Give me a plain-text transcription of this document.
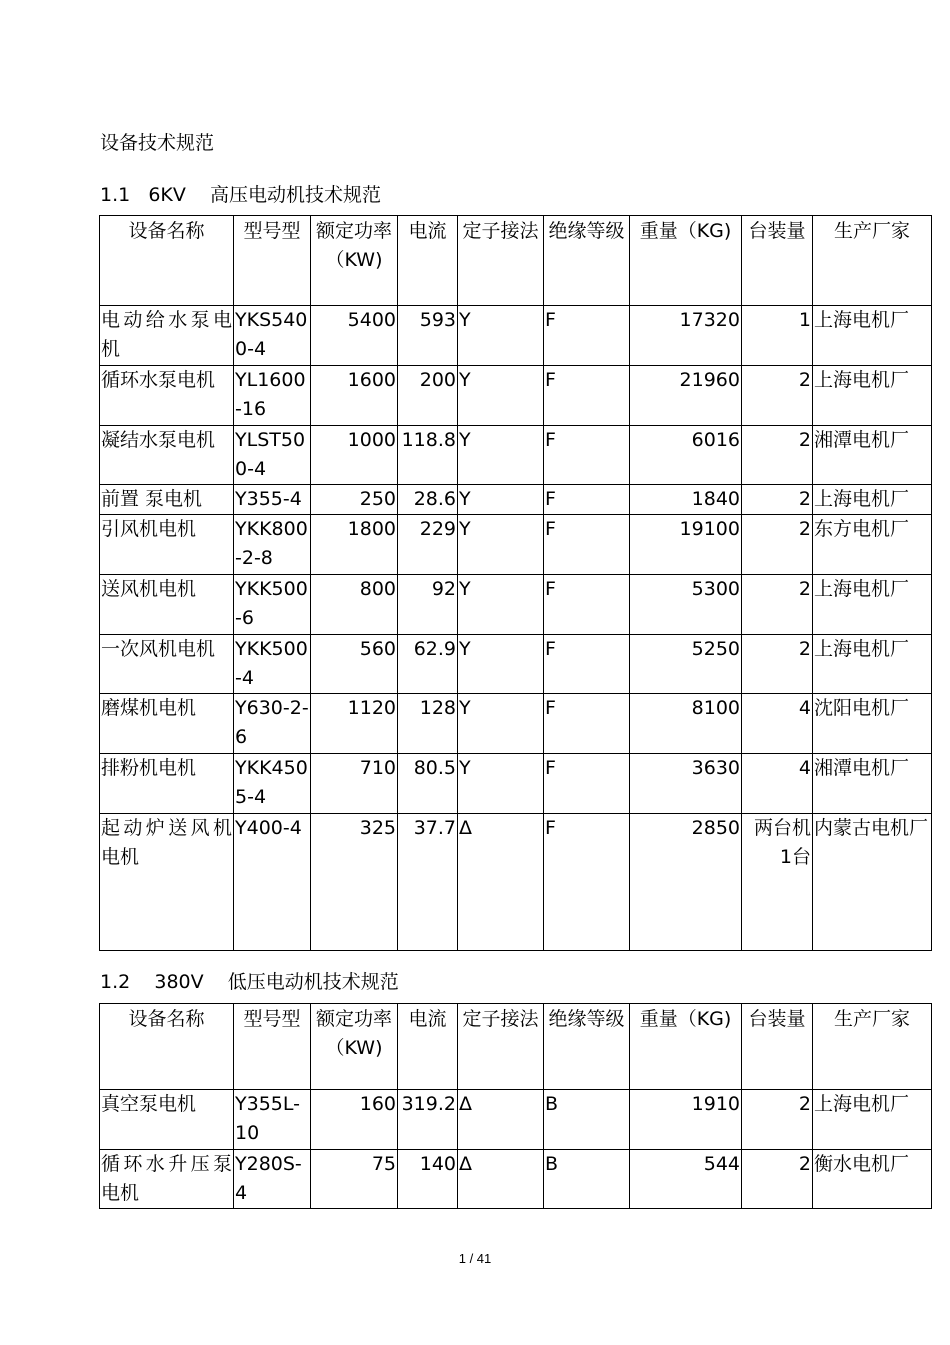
设备技术规范
1.1   6KV    高压电动机技术规范
设备名称	型号型	额定功率（KW)	电流	定子接法	绝缘等级	重量（KG)	台装量	生产厂家
电动给水泵电机	YKS5400-4	5400	593	Y	F	17320	1	上海电机厂
循环水泵电机	YL1600-16	1600	200	Y	F	21960	2	上海电机厂
凝结水泵电机	YLST500-4	1000	118.8	Y	F	6016	2	湘潭电机厂
前置 泵电机	Y355-4	250	28.6	Y	F	1840	2	上海电机厂
引风机电机	YKK800-2-8	1800	229	Y	F	19100	2	东方电机厂
送风机电机	YKK500-6	800	92	Y	F	5300	2	上海电机厂
一次风机电机	YKK500-4	560	62.9	Y	F	5250	2	上海电机厂
磨煤机电机	Y630-2-6	1120	128	Y	F	8100	4	沈阳电机厂
排粉机电机	YKK4505-4	710	80.5	Y	F	3630	4	湘潭电机厂
起动炉送风机电机	Y400-4	325	37.7	Δ	F	2850	两台机1台	内蒙古电机厂
1.2    380V    低压电动机技术规范
设备名称	型号型	额定功率（KW)	电流	定子接法	绝缘等级	重量（KG)	台装量	生产厂家
真空泵电机	Y355L-10	160	319.2	Δ	B	1910	2	上海电机厂
循环水升压泵电机	Y280S-4	75	140	Δ	B	544	2	衡水电机厂
1 / 41
